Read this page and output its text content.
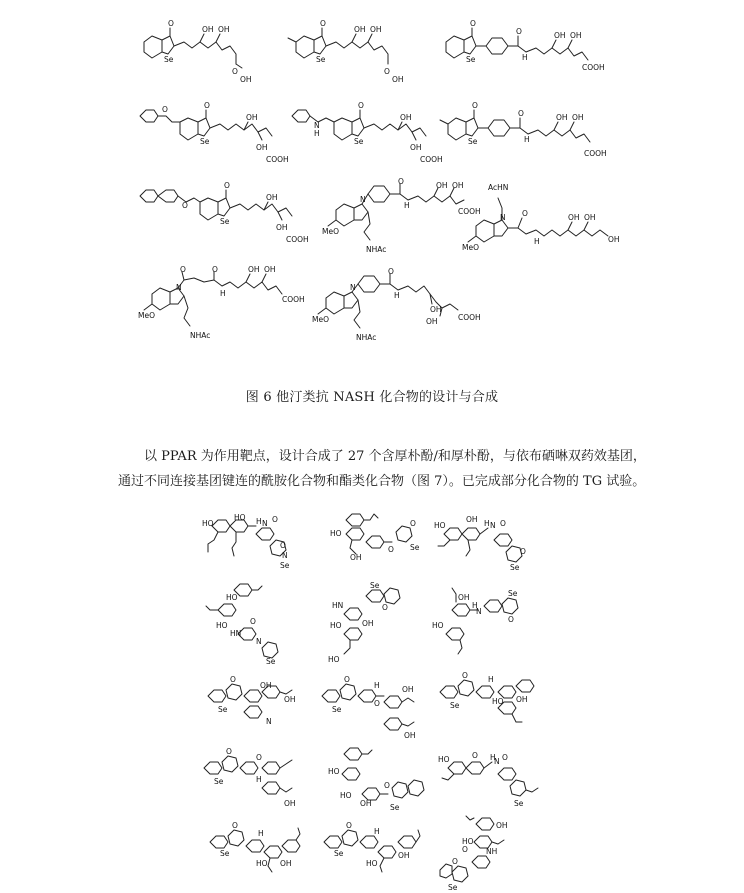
O
Se
OH OH
O
OH
O
Se
OH OH
O
OH
O
Se
O
H
OH OH
COOH
O	O
Se
OH
OH
COOH
N
H
O
Se
OH
OH
COOH
O
Se
O
H
OH OH
COOH
O
O
Se
OH
OH
COOH
N
MeO
O
H
OH OH
COOH
NHAc
AcHN
N
MeO
O
H
OH OH
OH
O
N
O
H
OH OH
COOH
MeO
NHAc
N
O
H
OH
OH	COOH
MeO
NHAc
图 6 他汀类抗 NASH 化合物的设计与合成
以 PPAR 为作用靶点，设计合成了 27 个含厚朴酚/和厚朴酚，与依布硒啉双药效基团，
通过不同连接基团键连的酰胺化合物和酯类化合物（图 7）。已完成部分化合物的 TG 试验。
HO
HO H N O
O
N
Se
HO
OH
O
O
Se
HO
OH H N O
O
Se
HO
HO
HN
O
N
Se
Se
O
HN
HO	OH
HO
OH
H
N
Se
O
HO
O
Se
OH
OH
N
O
Se
H
O
OH
OH
O
Se
H
HO OH
O
Se
O
H
OH
HO
HO
OH
O
Se
HO	O H
N O
Se
O
Se
H
HO OH
O
Se
H
OH
HO
OH
HO
O NH
O
Se
